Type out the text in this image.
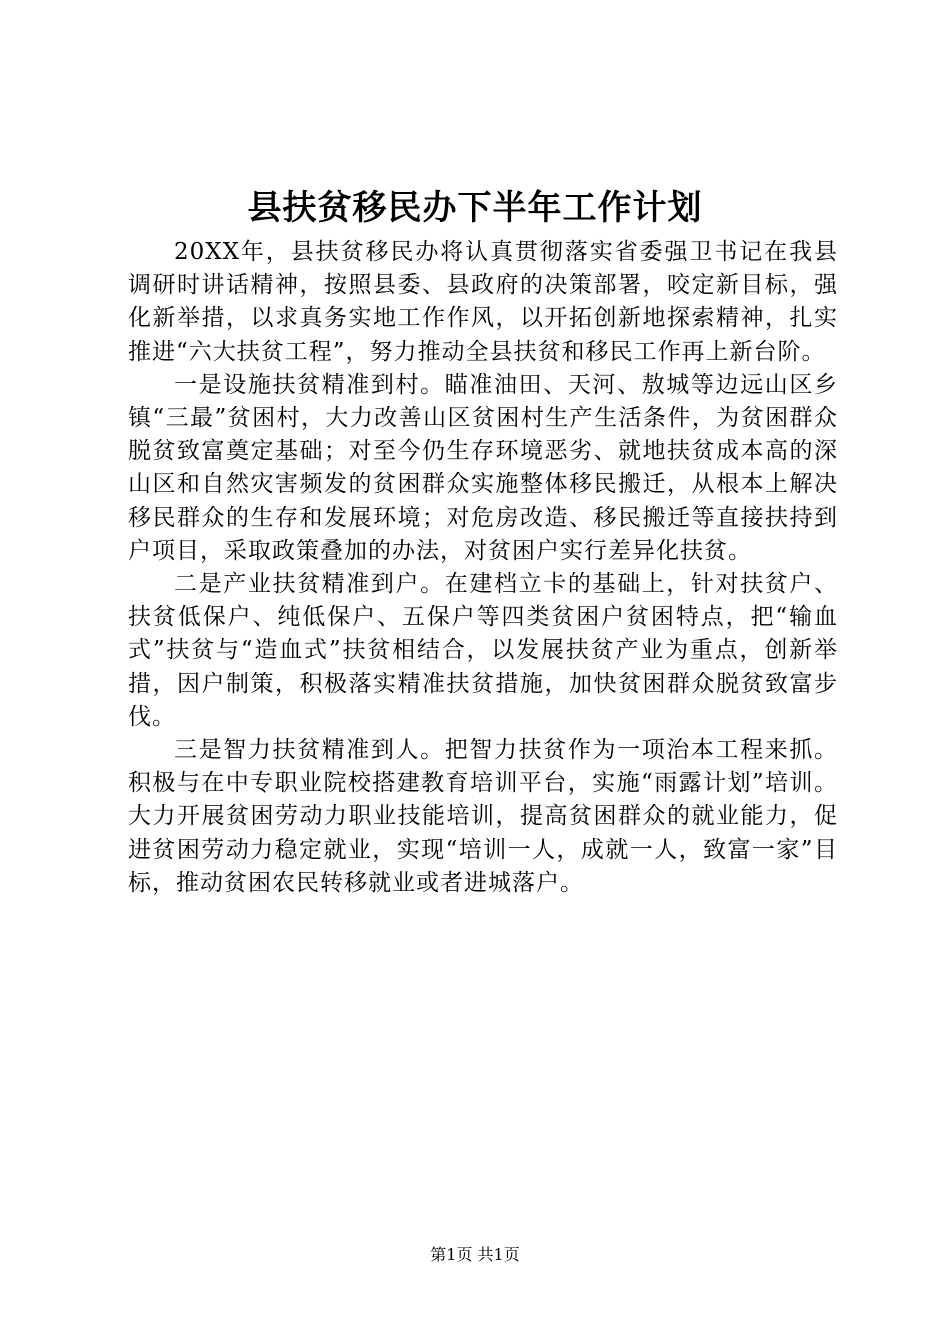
县扶贫移民办下半年工作计划

20XX年，县扶贫移民办将认真贯彻落实省委强卫书记在我县调研时讲话精神，按照县委、县政府的决策部署，咬定新目标，强化新举措，以求真务实地工作作风，以开拓创新地探索精神，扎实推进“六大扶贫工程”，努力推动全县扶贫和移民工作再上新台阶。

一是设施扶贫精准到村。瞄准油田、天河、敖城等边远山区乡镇“三最”贫困村，大力改善山区贫困村生产生活条件，为贫困群众脱贫致富奠定基础；对至今仍生存环境恶劣、就地扶贫成本高的深山区和自然灾害频发的贫困群众实施整体移民搬迁，从根本上解决移民群众的生存和发展环境；对危房改造、移民搬迁等直接扶持到户项目，采取政策叠加的办法，对贫困户实行差异化扶贫。

二是产业扶贫精准到户。在建档立卡的基础上，针对扶贫户、扶贫低保户、纯低保户、五保户等四类贫困户贫困特点，把“输血式”扶贫与“造血式”扶贫相结合，以发展扶贫产业为重点，创新举措，因户制策，积极落实精准扶贫措施，加快贫困群众脱贫致富步伐。

三是智力扶贫精准到人。把智力扶贫作为一项治本工程来抓。积极与在中专职业院校搭建教育培训平台，实施“雨露计划”培训。大力开展贫困劳动力职业技能培训，提高贫困群众的就业能力，促进贫困劳动力稳定就业，实现“培训一人，成就一人，致富一家”目标，推动贫困农民转移就业或者进城落户。

第1页 共1页
